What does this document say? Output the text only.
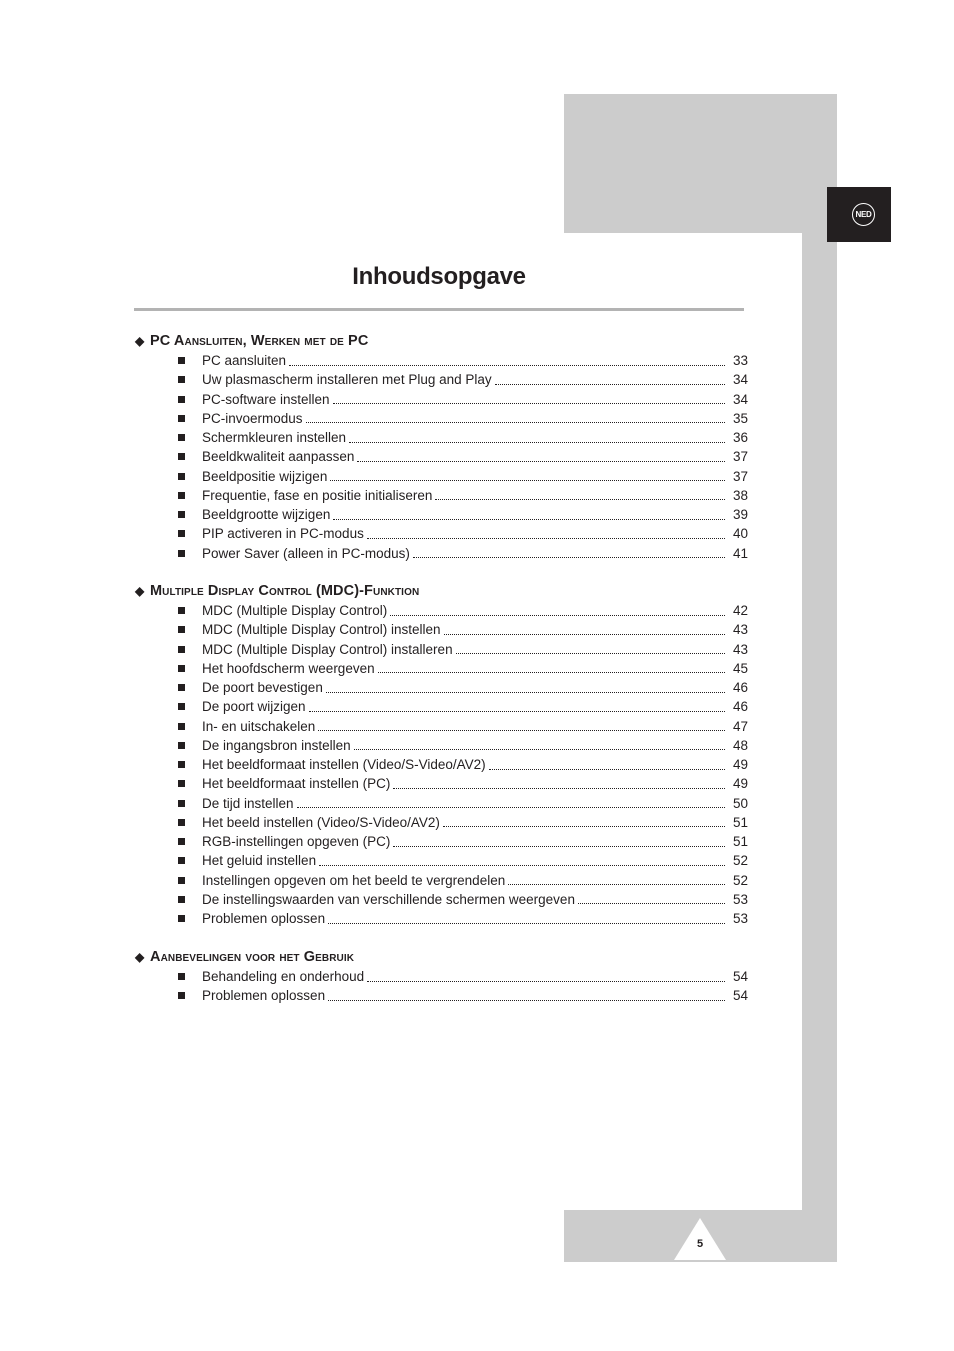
NED
Inhoudsopgave
◆ PC Aansluiten, Werken met de PC
PC aansluiten	33
Uw plasmascherm installeren met Plug and Play	34
PC-software instellen	34
PC-invoermodus	35
Schermkleuren instellen	36
Beeldkwaliteit aanpassen	37
Beeldpositie wijzigen	37
Frequentie, fase en positie initialiseren	38
Beeldgrootte wijzigen	39
PIP activeren in PC-modus	40
Power Saver (alleen in PC-modus)	41
◆ Multiple Display Control (MDC)-Funktion
MDC (Multiple Display Control)	42
MDC (Multiple Display Control) instellen	43
MDC (Multiple Display Control) installeren	43
Het hoofdscherm weergeven	45
De poort bevestigen	46
De poort wijzigen	46
In- en uitschakelen	47
De ingangsbron instellen	48
Het beeldformaat instellen (Video/S-Video/AV2)	49
Het beeldformaat instellen (PC)	49
De tijd instellen	50
Het beeld instellen (Video/S-Video/AV2)	51
RGB-instellingen opgeven (PC)	51
Het geluid instellen	52
Instellingen opgeven om het beeld te vergrendelen	52
De instellingswaarden van verschillende schermen weergeven	53
Problemen oplossen	53
◆ Aanbevelingen voor het Gebruik
Behandeling en onderhoud	54
Problemen oplossen	54
5
